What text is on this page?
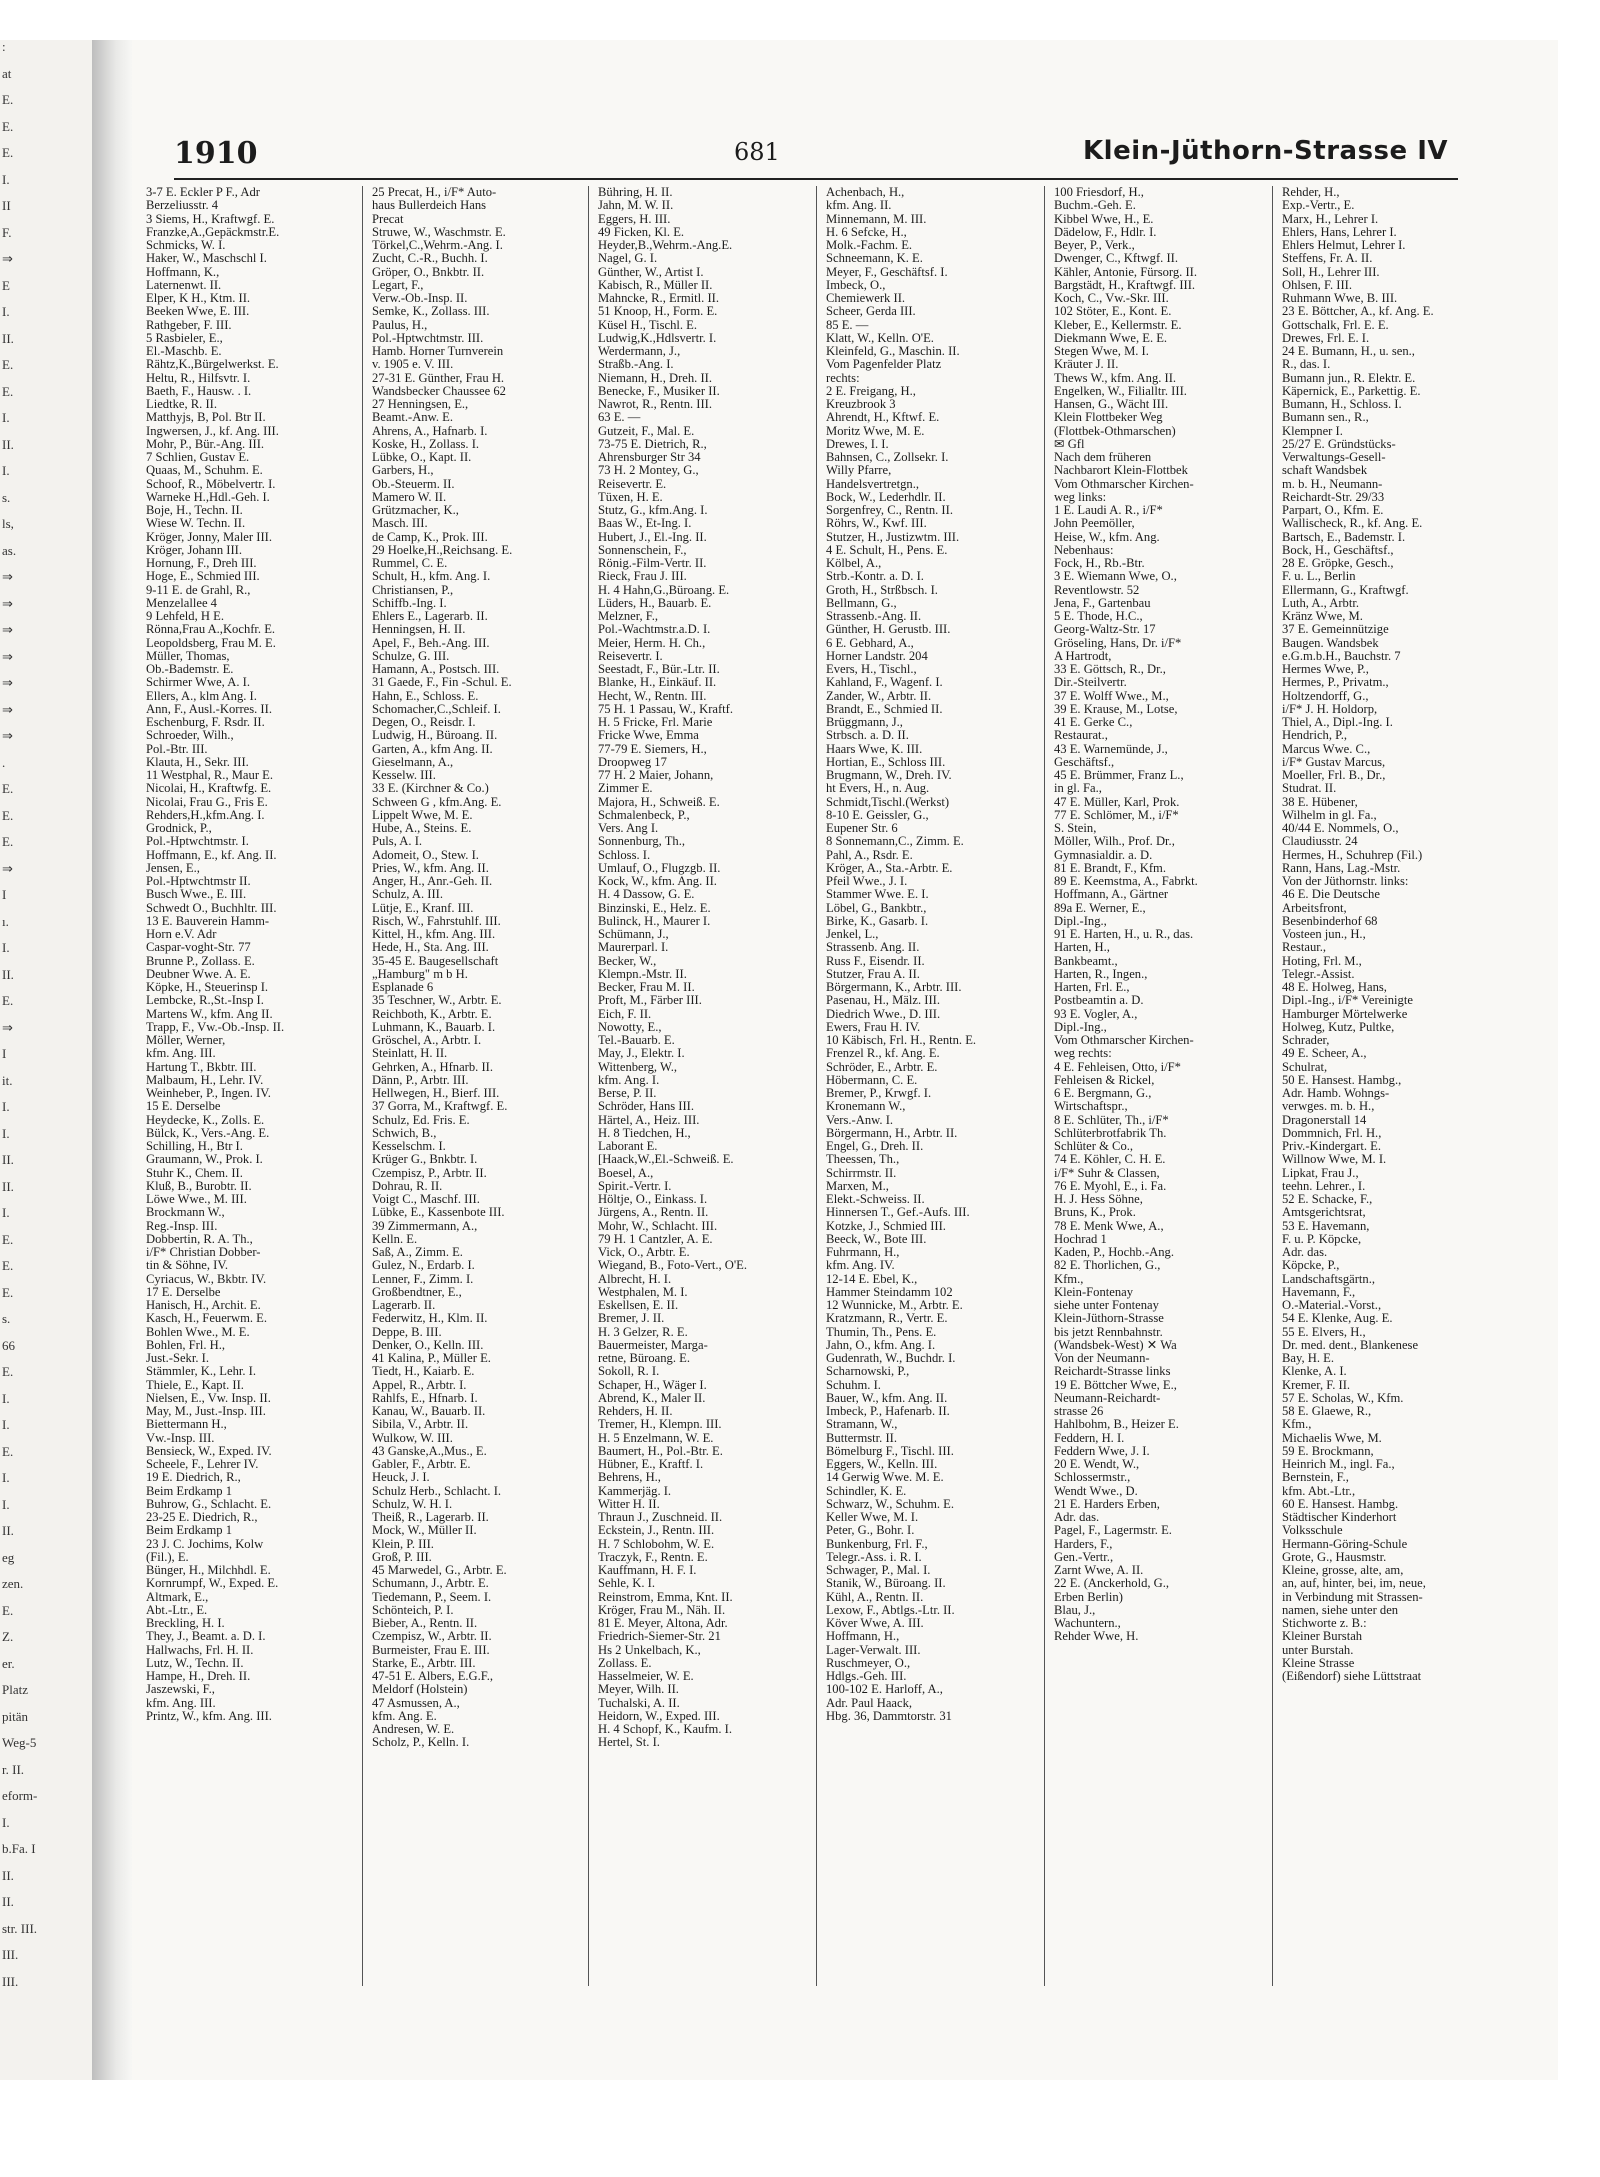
:
at
E.
E.
E.
I.
II
F.
⇒
E
I.
II.
E.
E.
I.
II.
I.
s.
ls,
as.
⇒
⇒
⇒
⇒
⇒
⇒
⇒
.
E.
E.
E.
⇒
I
ı.
I.
II.
E.
⇒
I
it.
I.
I.
II.
II.
I.
E.
E.
E.
s.
66
E.
I.
I.
E.
I.
I.
II.
eg
zen.
E.
Z.
er.
Platz
pitän
Weg-5
r. II.
eform-
I.
b.Fa. I
II.
II.
str. III.
III.
III.
1910	681	Klein-Jüthorn-Strasse IV
3-7 E. Eckler P F., Adr
Berzeliusstr. 4
3 Siems, H., Kraftwgf. E.
Franzke,A.,Gepäckmstr.E.
Schmicks, W. I.
Haker, W., Maschschl I.
Hoffmann, K.,
Laternenwt. II.
Elper, K H., Ktm. II.
Beeken Wwe, E. III.
Rathgeber, F. III.
5 Rasbieler, E.,
El.-Maschb. E.
Rähtz,K.,Bürgelwerkst. E.
Heltu, R., Hilfsvtr. I.
Baeth, F., Hausw. . I.
Liedtke, R. II.
Matthyjs, B, Pol. Btr II.
Ingwersen, J., kf. Ang. III.
Mohr, P., Bür.-Ang. III.
7 Schlien, Gustav E.
Quaas, M., Schuhm. E.
Schoof, R., Möbelvertr. I.
Warneke H.,Hdl.-Geh. I.
Boje, H., Techn. II.
Wiese W. Techn. II.
Kröger, Jonny, Maler III.
Kröger, Johann III.
Hornung, F., Dreh III.
Hoge, E., Schmied III.
9-11 E. de Grahl, R.,
Menzelallee 4
9 Lehfeld, H E.
Rönna,Frau A.,Kochfr. E.
Leopoldsberg, Frau M. E.
Müller, Thomas,
Ob.-Bademstr. E.
Schirmer Wwe, A. I.
Ellers, A., klm Ang. I.
Ann, F., Ausl.-Korres. II.
Eschenburg, F. Rsdr. II.
Schroeder, Wilh.,
Pol.-Btr. III.
Klauta, H., Sekr. III.
11 Westphal, R., Maur E.
Nicolai, H., Kraftwfg. E.
Nicolai, Frau G., Fris E.
Rehders,H.,kfm.Ang. I.
Grodnick, P.,
Pol.-Hptwchtmstr. I.
Hoffmann, E., kf. Ang. II.
Jensen, E.,
Pol.-Hptwchtmstr II.
Busch Wwe., E. III.
Schwedt O., Buchhltr. III.
13 E. Bauverein Hamm-
Horn e.V. Adr
Caspar-voght-Str. 77
Brunne P., Zollass. E.
Deubner Wwe. A. E.
Köpke, H., Steuerinsp I.
Lembcke, R.,St.-Insp I.
Martens W., kfm. Ang II.
Trapp, F., Vw.-Ob.-Insp. II.
Möller, Werner,
kfm. Ang. III.
Hartung T., Bkbtr. III.
Malbaum, H., Lehr. IV.
Weinheber, P., Ingen. IV.
15 E. Derselbe
Heydecke, K., Zolls. E.
Bülck, K., Vers.-Ang. E.
Schilling, H., Btr I.
Graumann, W., Prok. I.
Stuhr K., Chem. II.
Kluß, B., Burobtr. II.
Löwe Wwe., M. III.
Brockmann W.,
Reg.-Insp. III.
Dobbertin, R. A. Th.,
i/F* Christian Dobber-
tin & Söhne, IV.
Cyriacus, W., Bkbtr. IV.
17 E. Derselbe
Hanisch, H., Archit. E.
Kasch, H., Feuerwm. E.
Bohlen Wwe., M. E.
Bohlen, Frl. H.,
Just.-Sekr. I.
Stämmler, K., Lehr. I.
Thiele, E., Kapt. II.
Nielsen, E., Vw. Insp. II.
May, M., Just.-Insp. III.
Biettermann H.,
Vw.-Insp. III.
Bensieck, W., Exped. IV.
Scheele, F., Lehrer IV.
19 E. Diedrich, R.,
Beim Erdkamp 1
Buhrow, G., Schlacht. E.
23-25 E. Diedrich, R.,
Beim Erdkamp 1
23 J. C. Jochims, Kolw
(Fil.), E.
Bünger, H., Milchhdl. E.
Kornrumpf, W., Exped. E.
Altmark, E.,
Abt.-Ltr., E.
Breckling, H. I.
They, J., Beamt. a. D. I.
Hallwachs, Frl. H. II.
Lutz, W., Techn. II.
Hampe, H., Dreh. II.
Jaszewski, F.,
kfm. Ang. III.
Printz, W., kfm. Ang. III.
25 Precat, H., i/F* Auto-
haus Bullerdeich Hans
Precat
Struwe, W., Waschmstr. E.
Törkel,C.,Wehrm.-Ang. I.
Zucht, C.-R., Buchh. I.
Gröper, O., Bnkbtr. II.
Legart, F.,
Verw.-Ob.-Insp. II.
Semke, K., Zollass. III.
Paulus, H.,
Pol.-Hptwchtmstr. III.
Hamb. Horner Turnverein
v. 1905 e. V. III.
27-31 E. Günther, Frau H.
Wandsbecker Chaussee 62
27 Henningsen, E.,
Beamt.-Anw. E.
Ahrens, A., Hafnarb. I.
Koske, H., Zollass. I.
Lübke, O., Kapt. II.
Garbers, H.,
Ob.-Steuerm. II.
Mamero W. II.
Grützmacher, K.,
Masch. III.
de Camp, K., Prok. III.
29 Hoelke,H.,Reichsang. E.
Rummel, C. E.
Schult, H., kfm. Ang. I.
Christiansen, P.,
Schiffb.-Ing. I.
Ehlers E., Lagerarb. II.
Henningsen, H. II.
Apel, F., Beh.-Ang. III.
Schulze, G. III.
Hamann, A., Postsch. III.
31 Gaede, F., Fin -Schul. E.
Hahn, E., Schloss. E.
Schomacher,C.,Schleif. I.
Degen, O., Reisdr. I.
Ludwig, H., Büroang. II.
Garten, A., kfm Ang. II.
Gieselmann, A.,
Kesselw. III.
33 E. (Kirchner & Co.)
Schween G , kfm.Ang. E.
Lippelt Wwe, M. E.
Hube, A., Steins. E.
Puls, A. I.
Adomeit, O., Stew. I.
Pries, W., kfm. Ang. II.
Anger, H., Anr.-Geh. II.
Schulz, A. III.
Lütje, E., Kranf. III.
Risch, W., Fahrstuhlf. III.
Kittel, H., kfm. Ang. III.
Hede, H., Sta. Ang. III.
35-45 E. Baugesellschaft
„Hamburg" m b H.
Esplanade 6
35 Teschner, W., Arbtr. E.
Reichboth, K., Arbtr. E.
Luhmann, K., Bauarb. I.
Gröschel, A., Arbtr. I.
Steinlatt, H. II.
Gehrken, A., Hfnarb. II.
Dänn, P., Arbtr. III.
Hellwegen, H., Bierf. III.
37 Gorra, M., Kraftwgf. E.
Schulz, Ed. Fris. E.
Schwich, B.,
Kesselschm. I.
Krüger G., Bnkbtr. I.
Czempisz, P., Arbtr. II.
Dohrau, R. II.
Voigt C., Maschf. III.
Lübke, E., Kassenbote III.
39 Zimmermann, A.,
Kelln. E.
Saß, A., Zimm. E.
Gulez, N., Erdarb. I.
Lenner, F., Zimm. I.
Großbendtner, E.,
Lagerarb. II.
Federwitz, H., Klm. II.
Deppe, B. III.
Denker, O., Kelln. III.
41 Kalina, P., Müller E.
Tiedt, H., Kaiarb. E.
Appel, R., Arbtr. I.
Rahlfs, E., Hfnarb. I.
Kanau, W., Bauarb. II.
Sibila, V., Arbtr. II.
Wulkow, W. III.
43 Ganske,A.,Mus., E.
Gabler, F., Arbtr. E.
Heuck, J. I.
Schulz Herb., Schlacht. I.
Schulz, W. H. I.
Theiß, R., Lagerarb. II.
Mock, W., Müller II.
Klein, P. III.
Groß, P. III.
45 Marwedel, G., Arbtr. E.
Schumann, J., Arbtr. E.
Tiedemann, P., Seem. I.
Schönteich, P. I.
Bieber, A., Rentn. II.
Czempisz, W., Arbtr. II.
Burmeister, Frau E. III.
Starke, E., Arbtr. III.
47-51 E. Albers, E.G.F.,
Meldorf (Holstein)
47 Asmussen, A.,
kfm. Ang. E.
Andresen, W. E.
Scholz, P., Kelln. I.
Bühring, H. II.
Jahn, M. W. II.
Eggers, H. III.
49 Ficken, Kl. E.
Heyder,B.,Wehrm.-Ang.E.
Nagel, G. I.
Günther, W., Artist I.
Kabisch, R., Müller II.
Mahncke, R., Ermitl. II.
51 Knoop, H., Form. E.
Küsel H., Tischl. E.
Ludwig,K.,Hdlsvertr. I.
Werdermann, J.,
Straßb.-Ang. I.
Niemann, H., Dreh. II.
Benecke, F., Musiker II.
Nawrot, R., Rentn. III.
63 E. —
Gutzeit, F., Mal. E.
73-75 E. Dietrich, R.,
Ahrensburger Str 34
73 H. 2 Montey, G.,
Reisevertr. E.
Tüxen, H. E.
Stutz, G., kfm.Ang. I.
Baas W., Et-Ing. I.
Hubert, J., El.-Ing. II.
Sonnenschein, F.,
Rönig.-Film-Vertr. II.
Rieck, Frau J. III.
H. 4 Hahn,G.,Büroang. E.
Lüders, H., Bauarb. E.
Melzner, F.,
Pol.-Wachtmstr.a.D. I.
Meier, Herm. H. Ch.,
Reisevertr. I.
Seestadt, F., Bür.-Ltr. II.
Blanke, H., Einkäuf. II.
Hecht, W., Rentn. III.
75 H. 1 Passau, W., Kraftf.
H. 5 Fricke, Frl. Marie
Fricke Wwe, Emma
77-79 E. Siemers, H.,
Droopweg 17
77 H. 2 Maier, Johann,
Zimmer E.
Majora, H., Schweiß. E.
Schmalenbeck, P.,
Vers. Ang I.
Sonnenburg, Th.,
Schloss. I.
Umlauf, O., Flugzgb. II.
Kock, W., kfm. Ang. II.
H. 4 Dassow, G. E.
Binzinski, E., Helz. E.
Bulinck, H., Maurer I.
Schümann, J.,
Maurerparl. I.
Becker, W.,
Klempn.-Mstr. II.
Becker, Frau M. II.
Proft, M., Färber III.
Eich, F. II.
Nowotty, E.,
Tel.-Bauarb. E.
May, J., Elektr. I.
Wittenberg, W.,
kfm. Ang. I.
Berse, P. II.
Schröder, Hans III.
Härtel, A., Heiz. III.
H. 8 Tiedchen, H.,
Laborant E.
[Haack,W.,El.-Schweiß. E.
Boesel, A.,
Spirit.-Vertr. I.
Höltje, O., Einkass. I.
Jürgens, A., Rentn. II.
Mohr, W., Schlacht. III.
79 H. 1 Cantzler, A. E.
Vick, O., Arbtr. E.
Wiegand, B., Foto-Vert., O'E.
Albrecht, H. I.
Westphalen, M. I.
Eskellsen, E. II.
Bremer, J. II.
H. 3 Gelzer, R. E.
Bauermeister, Marga-
retne, Büroang. E.
Sokoll, R. I.
Schaper, H., Wäger I.
Abrend, K., Maler II.
Rehders, H. II.
Tremer, H., Klempn. III.
H. 5 Enzelmann, W. E.
Baumert, H., Pol.-Btr. E.
Hübner, E., Kraftf. I.
Behrens, H.,
Kammerjäg. I.
Witter H. II.
Thraun J., Zuschneid. II.
Eckstein, J., Rentn. III.
H. 7 Schlobohm, W. E.
Traczyk, F., Rentn. E.
Kauffmann, H. F. I.
Sehle, K. I.
Reinstrom, Emma, Knt. II.
Kröger, Frau M., Näh. II.
81 E. Meyer, Altona, Adr.
Friedrich-Siemer-Str. 21
Hs 2 Unkelbach, K.,
Zollass. E.
Hasselmeier, W. E.
Meyer, Wilh. II.
Tuchalski, A. II.
Heidorn, W., Exped. III.
H. 4 Schopf, K., Kaufm. I.
Hertel, St. I.
Achenbach, H.,
kfm. Ang. II.
Minnemann, M. III.
H. 6 Sefcke, H.,
Molk.-Fachm. E.
Schneemann, K. E.
Meyer, F., Geschäftsf. I.
Imbeck, O.,
Chemiewerk II.
Scheer, Gerda III.
85 E. —
Klatt, W., Kelln. O'E.
Kleinfeld, G., Maschin. II.
Vom Pagenfelder Platz
rechts:
2 E. Freigang, H.,
Kreuzbrook 3
Ahrendt, H., Kftwf. E.
Moritz Wwe, M. E.
Drewes, I. I.
Bahnsen, C., Zollsekr. I.
Willy Pfarre,
Handelsvertretgn.,
Bock, W., Lederhdlr. II.
Sorgenfrey, C., Rentn. II.
Röhrs, W., Kwf. III.
Stutzer, H., Justizwtm. III.
4 E. Schult, H., Pens. E.
Kölbel, A.,
Strb.-Kontr. a. D. I.
Groth, H., Strßbsch. I.
Bellmann, G.,
Strassenb.-Ang. II.
Günther, H. Gerustb. III.
6 E. Gebhard, A.,
Horner Landstr. 204
Evers, H., Tischl.,
Kahland, F., Wagenf. I.
Zander, W., Arbtr. II.
Brandt, E., Schmied II.
Brüggmann, J.,
Strbsch. a. D. II.
Haars Wwe, K. III.
Hortian, E., Schloss III.
Brugmann, W., Dreh. IV.
ht Evers, H., n. Aug.
Schmidt,Tischl.(Werkst)
8-10 E. Geissler, G.,
Eupener Str. 6
8 Sonnemann,C., Zimm. E.
Pahl, A., Rsdr. E.
Kröger, A., Sta.-Arbtr. E.
Pfeil Wwe., J. I.
Stammer Wwe. E. I.
Löbel, G., Bankbtr.,
Birke, K., Gasarb. I.
Jenkel, L.,
Strassenb. Ang. II.
Russ F., Eisendr. II.
Stutzer, Frau A. II.
Börgermann, K., Arbtr. III.
Pasenau, H., Mälz. III.
Diedrich Wwe., D. III.
Ewers, Frau H. IV.
10 Käbisch, Frl. H., Rentn. E.
Frenzel R., kf. Ang. E.
Schröder, E., Arbtr. E.
Höbermann, C. E.
Bremer, P., Krwgf. I.
Kronemann W.,
Vers.-Anw. I.
Börgermann, H., Arbtr. II.
Engel, G., Dreh. II.
Theessen, Th.,
Schirrmstr. II.
Marxen, M.,
Elekt.-Schweiss. II.
Hinnersen T., Gef.-Aufs. III.
Kotzke, J., Schmied III.
Beeck, W., Bote III.
Fuhrmann, H.,
kfm. Ang. IV.
12-14 E. Ebel, K.,
Hammer Steindamm 102
12 Wunnicke, M., Arbtr. E.
Kratzmann, R., Vertr. E.
Thumin, Th., Pens. E.
Jahn, O., kfm. Ang. I.
Gudenrath, W., Buchdr. I.
Scharnowski, P.,
Schuhm. I.
Bauer, W., kfm. Ang. II.
Imbeck, P., Hafenarb. II.
Stramann, W.,
Buttermstr. II.
Bömelburg F., Tischl. III.
Eggers, W., Kelln. III.
14 Gerwig Wwe. M. E.
Schindler, K. E.
Schwarz, W., Schuhm. E.
Keller Wwe, M. I.
Peter, G., Bohr. I.
Bunkenburg, Frl. F.,
Telegr.-Ass. i. R. I.
Schwager, P., Mal. I.
Stanik, W., Büroang. II.
Kühl, A., Rentn. II.
Lexow, F., Abtlgs.-Ltr. II.
Köver Wwe, A. III.
Hoffmann, H.,
Lager-Verwalt. III.
Ruschmeyer, O.,
Hdlgs.-Geh. III.
100-102 E. Harloff, A.,
Adr. Paul Haack,
Hbg. 36, Dammtorstr. 31
100 Friesdorf, H.,
Buchm.-Geh. E.
Kibbel Wwe, H., E.
Dädelow, F., Hdlr. I.
Beyer, P., Verk.,
Dwenger, C., Kftwgf. II.
Kähler, Antonie, Fürsorg. II.
Bargstädt, H., Kraftwgf. III.
Koch, C., Vw.-Skr. III.
102 Stöter, E., Kont. E.
Kleber, E., Kellermstr. E.
Diekmann Wwe, E. E.
Stegen Wwe, M. I.
Kräuter J. II.
Thews W., kfm. Ang. II.
Engelken, W., Filialltr. III.
Hansen, G., Wächt III.
Klein Flottbeker Weg
(Flottbek-Othmarschen)
✉ Gfl
Nach dem früheren
Nachbarort Klein-Flottbek
Vom Othmarscher Kirchen-
weg links:
1 E. Laudi A. R., i/F*
John Peemöller,
Heise, W., kfm. Ang.
Nebenhaus:
Fock, H., Rb.-Btr.
3 E. Wiemann Wwe, O.,
Reventlowstr. 52
Jena, F., Gartenbau
5 E. Thode, H.C.,
Georg-Waltz-Str. 17
Gröseling, Hans, Dr. i/F*
A Hartrodt,
33 E. Göttsch, R., Dr.,
Dir.-Steilvertr.
37 E. Wolff Wwe., M.,
39 E. Krause, M., Lotse,
41 E. Gerke C.,
Restaurat.,
43 E. Warnemünde, J.,
Geschäftsf.,
45 E. Brümmer, Franz L.,
in gl. Fa.,
47 E. Müller, Karl, Prok.
77 E. Schlömer, M., i/F*
S. Stein,
Möller, Wilh., Prof. Dr.,
Gymnasialdir. a. D.
81 E. Brandt, F., Kfm.
89 E. Keemstma, A., Fabrkt.
Hoffmann, A., Gärtner
89a E. Werner, E.,
Dipl.-Ing.,
91 E. Harten, H., u. R., das.
Harten, H.,
Bankbeamt.,
Harten, R., Ingen.,
Harten, Frl. E.,
Postbeamtin a. D.
93 E. Vogler, A.,
Dipl.-Ing.,
Vom Othmarscher Kirchen-
weg rechts:
4 E. Fehleisen, Otto, i/F*
Fehleisen & Rickel,
6 E. Bergmann, G.,
Wirtschaftspr.,
8 E. Schlüter, Th., i/F*
Schlüterbrotfabrik Th.
Schlüter & Co.,
74 E. Köhler, C. H. E.
i/F* Suhr & Classen,
76 E. Myohl, E., i. Fa.
H. J. Hess Söhne,
Bruns, K., Prok.
78 E. Menk Wwe, A.,
Hochrad 1
Kaden, P., Hochb.-Ang.
82 E. Thorlichen, G.,
Kfm.,
Klein-Fontenay
siehe unter Fontenay
Klein-Jüthorn-Strasse
bis jetzt Rennbahnstr.
(Wandsbek-West) ✕ Wa
Von der Neumann-
Reichardt-Strasse links
19 E. Böttcher Wwe, E.,
Neumann-Reichardt-
strasse 26
Hahlbohm, B., Heizer E.
Feddern, H. I.
Feddern Wwe, J. I.
20 E. Wendt, W.,
Schlossermstr.,
Wendt Wwe., D.
21 E. Harders Erben,
Adr. das.
Pagel, F., Lagermstr. E.
Harders, F.,
Gen.-Vertr.,
Zarnt Wwe, A. II.
22 E. (Anckerhold, G.,
Erben Berlin)
Blau, J.,
Wachuntern.,
Rehder Wwe, H.
Rehder, H.,
Exp.-Vertr., E.
Marx, H., Lehrer I.
Ehlers, Hans, Lehrer I.
Ehlers Helmut, Lehrer I.
Steffens, Fr. A. II.
Soll, H., Lehrer III.
Ohlsen, F. III.
Ruhmann Wwe, B. III.
23 E. Böttcher, A., kf. Ang. E.
Gottschalk, Frl. E. E.
Drewes, Frl. E. I.
24 E. Bumann, H., u. sen.,
R., das. I.
Bumann jun., R. Elektr. E.
Käpernick, E., Parkettig. E.
Bumann, H., Schloss. I.
Bumann sen., R.,
Klempner I.
25/27 E. Gründstücks-
Verwaltungs-Gesell-
schaft Wandsbek
m. b. H., Neumann-
Reichardt-Str. 29/33
Parpart, O., Kfm. E.
Wallischeck, R., kf. Ang. E.
Bartsch, E., Bademstr. I.
Bock, H., Geschäftsf.,
28 E. Gröpke, Gesch.,
F. u. L., Berlin
Ellermann, G., Kraftwgf.
Luth, A., Arbtr.
Kränz Wwe, M.
37 E. Gemeinnützige
Baugen. Wandsbek
e.G.m.b.H., Bauchstr. 7
Hermes Wwe, P.,
Hermes, P., Privatm.,
Holtzendorff, G.,
i/F* J. H. Holdorp,
Thiel, A., Dipl.-Ing. I.
Hendrich, P.,
Marcus Wwe. C.,
i/F* Gustav Marcus,
Moeller, Frl. B., Dr.,
Studrat. II.
38 E. Hübener,
Wilhelm in gl. Fa.,
40/44 E. Nommels, O.,
Claudiusstr. 24
Hermes, H., Schuhrep (Fil.)
Rann, Hans, Lag.-Mstr.
Von der Jüthornstr. links:
46 E. Die Deutsche
Arbeitsfront,
Besenbinderhof 68
Vosteen jun., H.,
Restaur.,
Hoting, Frl. M.,
Telegr.-Assist.
48 E. Holweg, Hans,
Dipl.-Ing., i/F* Vereinigte
Hamburger Mörtelwerke
Holweg, Kutz, Pultke,
Schrader,
49 E. Scheer, A.,
Schulrat,
50 E. Hansest. Hambg.,
Adr. Hamb. Wohngs-
verwges. m. b. H.,
Dragonerstall 14
Dommnich, Frl. H.,
Priv.-Kindergart. E.
Willnow Wwe, M. I.
Lipkat, Frau J.,
teehn. Lehrer., I.
52 E. Schacke, F.,
Amtsgerichtsrat,
53 E. Havemann,
F. u. P. Köpcke,
Adr. das.
Köpcke, P.,
Landschaftsgärtn.,
Havemann, F.,
O.-Material.-Vorst.,
54 E. Klenke, Aug. E.
55 E. Elvers, H.,
Dr. med. dent., Blankenese
Bay, H. E.
Klenke, A. I.
Kremer, F. II.
57 E. Scholas, W., Kfm.
58 E. Glaewe, R.,
Kfm.,
Michaelis Wwe, M.
59 E. Brockmann,
Heinrich M., ingl. Fa.,
Bernstein, F.,
kfm. Abt.-Ltr.,
60 E. Hansest. Hambg.
Städtischer Kinderhort
Volksschule
Hermann-Göring-Schule
Grote, G., Hausmstr.
Kleine, grosse, alte, am,
an, auf, hinter, bei, im, neue,
in Verbindung mit Strassen-
namen, siehe unter den
Stichworte z. B.:
Kleiner Burstah
unter Burstah.
Kleine Strasse
(Eißendorf) siehe Lüttstraat
